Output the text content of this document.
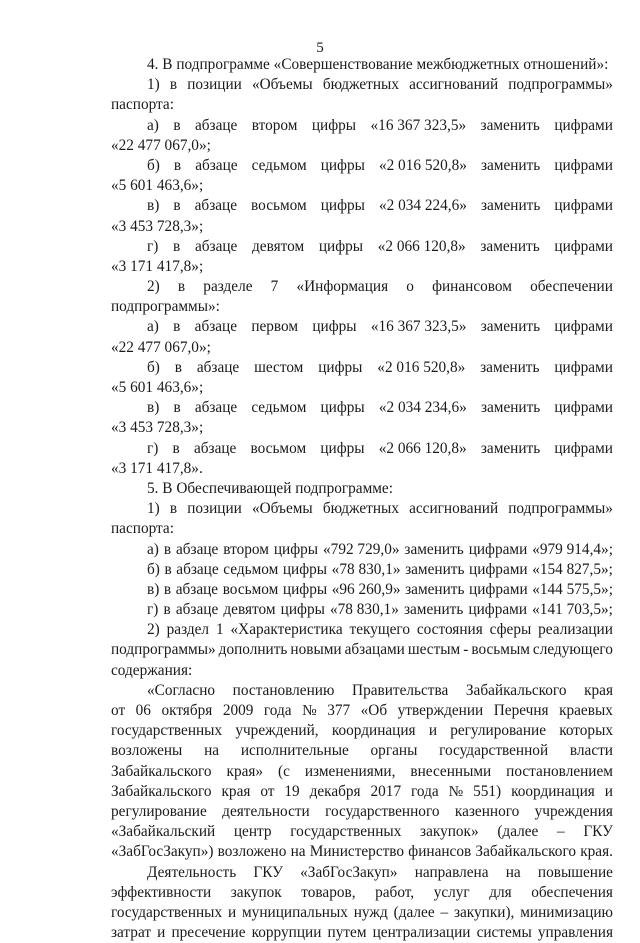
5
4. В подпрограмме «Совершенствование межбюджетных отношений»:
1) в позиции «Объемы бюджетных ассигнований подпрограммы»
паспорта:
а) в абзаце втором цифры «16 367 323,5» заменить цифрами
«22 477 067,0»;
б) в абзаце седьмом цифры «2 016 520,8» заменить цифрами
«5 601 463,6»;
в) в абзаце восьмом цифры «2 034 224,6» заменить цифрами
«3 453 728,3»;
г) в абзаце девятом цифры «2 066 120,8» заменить цифрами
«3 171 417,8»;
2) в разделе 7 «Информация о финансовом обеспечении
подпрограммы»:
а) в абзаце первом цифры «16 367 323,5» заменить цифрами
«22 477 067,0»;
б) в абзаце шестом цифры «2 016 520,8» заменить цифрами
«5 601 463,6»;
в) в абзаце седьмом цифры «2 034 234,6» заменить цифрами
«3 453 728,3»;
г) в абзаце восьмом цифры «2 066 120,8» заменить цифрами
«3 171 417,8».
5. В Обеспечивающей подпрограмме:
1) в позиции «Объемы бюджетных ассигнований подпрограммы»
паспорта:
а) в абзаце втором цифры «792 729,0» заменить цифрами «979 914,4»;
б) в абзаце седьмом цифры «78 830,1» заменить цифрами «154 827,5»;
в) в абзаце восьмом цифры «96 260,9» заменить цифрами «144 575,5»;
г) в абзаце девятом цифры «78 830,1» заменить цифрами «141 703,5»;
2) раздел 1 «Характеристика текущего состояния сферы реализации
подпрограммы» дополнить новыми абзацами шестым - восьмым следующего
содержания:
«Согласно постановлению Правительства Забайкальского края
от 06 октября 2009 года № 377 «Об утверждении Перечня краевых
государственных учреждений, координация и регулирование которых
возложены на исполнительные органы государственной власти
Забайкальского края» (с изменениями, внесенными постановлением
Забайкальского края от 19 декабря 2017 года № 551) координация и
регулирование деятельности государственного казенного учреждения
«Забайкальский центр государственных закупок» (далее – ГКУ
«ЗабГосЗакуп») возложено на Министерство финансов Забайкальского края.
Деятельность ГКУ «ЗабГосЗакуп» направлена на повышение
эффективности закупок товаров, работ, услуг для обеспечения
государственных и муниципальных нужд (далее – закупки), минимизацию
затрат и пресечение коррупции путем централизации системы управления
